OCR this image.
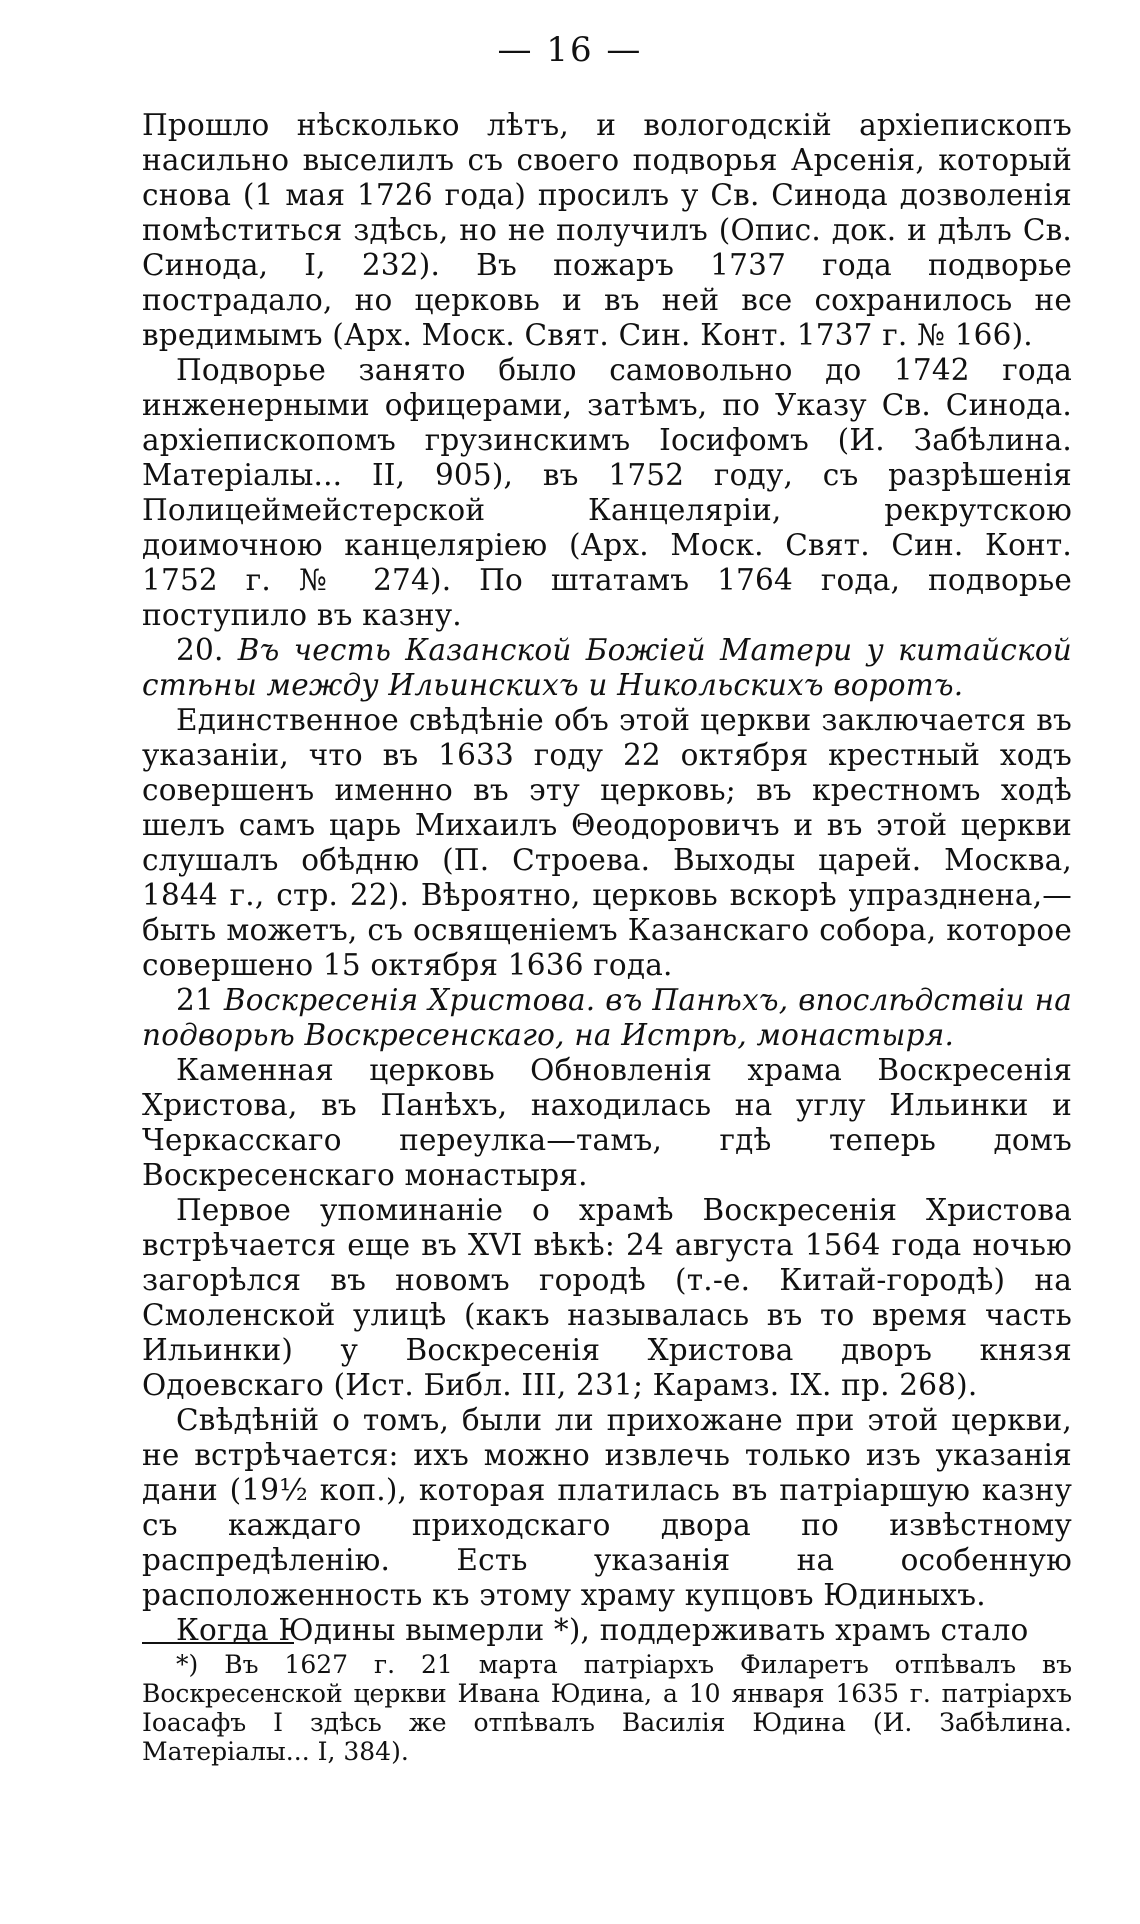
— 16 —

Прошло нѣсколько лѣтъ, и вологодскій архіепископъ насильно выселилъ съ своего подворья Арсенія, который снова (1 мая 1726 года) просилъ у Св. Синода дозволенія помѣститься здѣсь, но не получилъ (Опис. док. и дѣлъ Св. Синода, I, 232). Въ пожаръ 1737 года подворье пострадало, но церковь и въ ней все сохранилось не вредимымъ (Арх. Моск. Свят. Син. Конт. 1737 г. № 166).

Подворье занято было самовольно до 1742 года инженерными офицерами, затѣмъ, по Указу Св. Синода. архіепископомъ грузинскимъ Іосифомъ (И. Забѣлина. Матеріалы... II, 905), въ 1752 году, съ разрѣшенія Полицеймейстерской Канцеляріи, рекрутскою доимочною канцеляріею (Арх. Моск. Свят. Син. Конт. 1752 г. № 274). По штатамъ 1764 года, подворье поступило въ казну.

20. Въ честь Казанской Божіей Матери у китайской стѣны между Ильинскихъ и Никольскихъ воротъ.

Единственное свѣдѣніе объ этой церкви заключается въ указаніи, что въ 1633 году 22 октября крестный ходъ совершенъ именно въ эту церковь; въ крестномъ ходѣ шелъ самъ царь Михаилъ Θеодоровичъ и въ этой церкви слушалъ обѣдню (П. Строева. Выходы царей. Москва, 1844 г., стр. 22). Вѣроятно, церковь вскорѣ упразднена,—быть можетъ, съ освященіемъ Казанскаго собора, которое совершено 15 октября 1636 года.

21 Воскресенія Христова. въ Панѣхъ, впослѣдствіи на подворьѣ Воскресенскаго, на Истрѣ, монастыря.

Каменная церковь Обновленія храма Воскресенія Христова, въ Панѣхъ, находилась на углу Ильинки и Черкасскаго переулка—тамъ, гдѣ теперь домъ Воскресенскаго монастыря.

Первое упоминаніе о храмѣ Воскресенія Христова встрѣчается еще въ XVI вѣкѣ: 24 августа 1564 года ночью загорѣлся въ новомъ городѣ (т.-е. Китай-городѣ) на Смоленской улицѣ (какъ называлась въ то время часть Ильинки) у Воскресенія Христова дворъ князя Одоевскаго (Ист. Библ. III, 231; Карамз. IX. пр. 268).

Свѣдѣній о томъ, были ли прихожане при этой церкви, не встрѣчается: ихъ можно извлечь только изъ указанія дани (19½ коп.), которая платилась въ патріаршую казну съ каждаго приходскаго двора по извѣстному распредѣленію. Есть указанія на особенную расположенность къ этому храму купцовъ Юдиныхъ.

Когда Юдины вымерли *), поддерживать храмъ стало

*) Въ 1627 г. 21 марта патріархъ Филаретъ отпѣвалъ въ Воскресенской церкви Ивана Юдина, а 10 января 1635 г. патріархъ Іоасафъ I здѣсь же отпѣвалъ Василія Юдина (И. Забѣлина. Матеріалы... I, 384).
